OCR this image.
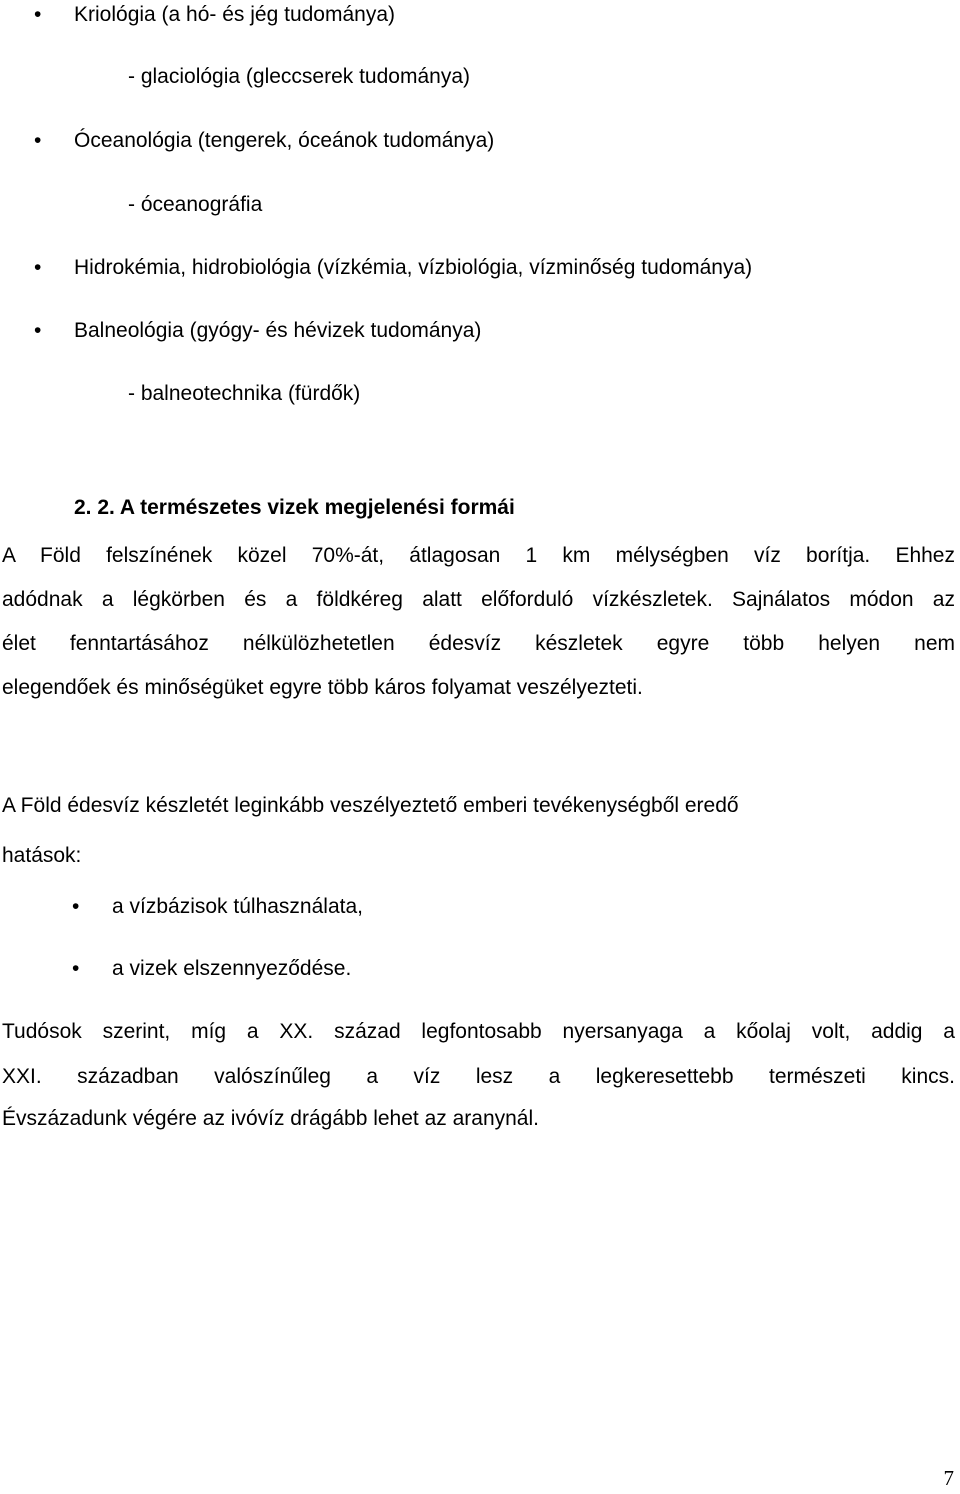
• Kriológia (a hó- és jég tudománya)
- glaciológia (gleccserek tudománya)
• Óceanológia (tengerek, óceánok tudománya)
- óceanográfia
• Hidrokémia, hidrobiológia (vízkémia, vízbiológia, vízminőség tudománya)
• Balneológia (gyógy- és hévizek tudománya)
- balneotechnika (fürdők)
2. 2. A természetes vizek megjelenési formái
A Föld felszínének közel 70%-át, átlagosan 1 km mélységben víz borítja. Ehhez
adódnak a légkörben és a földkéreg alatt előforduló vízkészletek. Sajnálatos módon az
élet fenntartásához nélkülözhetetlen édesvíz készletek egyre több helyen nem
elegendőek és minőségüket egyre több káros folyamat veszélyezteti.
A Föld édesvíz készletét leginkább veszélyeztető emberi tevékenységből eredő
hatások:
• a vízbázisok túlhasználata,
• a vizek elszennyeződése.
Tudósok szerint, míg a XX. század legfontosabb nyersanyaga a kőolaj volt, addig a
XXI. században valószínűleg a víz lesz a legkeresettebb természeti kincs.
Évszázadunk végére az ivóvíz drágább lehet az aranynál.
7
